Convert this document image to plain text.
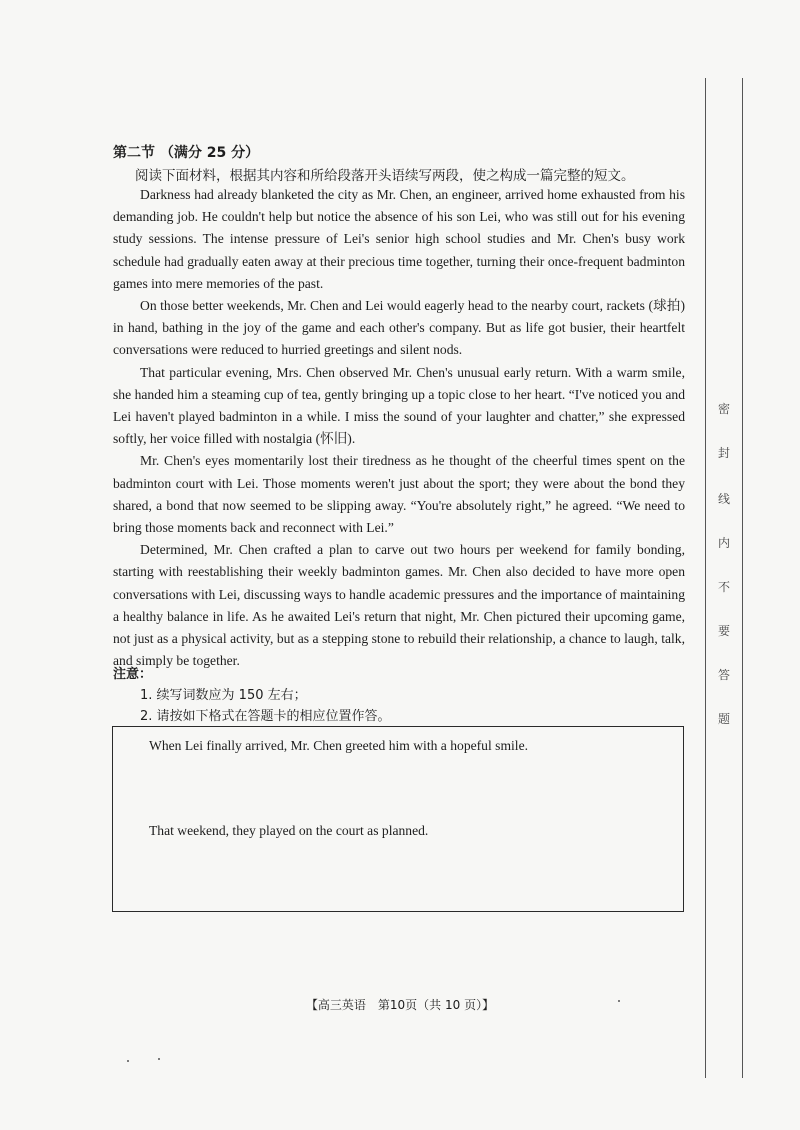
密
封
线
内
不
要
答
题
第二节 （满分 25 分）
阅读下面材料，根据其内容和所给段落开头语续写两段，使之构成一篇完整的短文。

Darkness had already blanketed the city as Mr. Chen, an engineer, arrived home exhausted from his demanding job. He couldn't help but notice the absence of his son Lei, who was still out for his evening study sessions. The intense pressure of Lei's senior high school studies and Mr. Chen's busy work schedule had gradually eaten away at their precious time together, turning their once-frequent badminton games into mere memories of the past.

On those better weekends, Mr. Chen and Lei would eagerly head to the nearby court, rackets (球拍) in hand, bathing in the joy of the game and each other's company. But as life got busier, their heartfelt conversations were reduced to hurried greetings and silent nods.

That particular evening, Mrs. Chen observed Mr. Chen's unusual early return. With a warm smile, she handed him a steaming cup of tea, gently bringing up a topic close to her heart. “I've noticed you and Lei haven't played badminton in a while. I miss the sound of your laughter and chatter,” she expressed softly, her voice filled with nostalgia (怀旧).

Mr. Chen's eyes momentarily lost their tiredness as he thought of the cheerful times spent on the badminton court with Lei. Those moments weren't just about the sport; they were about the bond they shared, a bond that now seemed to be slipping away. “You're absolutely right,” he agreed. “We need to bring those moments back and reconnect with Lei.”

Determined, Mr. Chen crafted a plan to carve out two hours per weekend for family bonding, starting with reestablishing their weekly badminton games. Mr. Chen also decided to have more open conversations with Lei, discussing ways to handle academic pressures and the importance of maintaining a healthy balance in life. As he awaited Lei's return that night, Mr. Chen pictured their upcoming game, not just as a physical activity, but as a stepping stone to rebuild their relationship, a chance to laugh, talk, and simply be together.

注意：
1. 续写词数应为 150 左右；
2. 请按如下格式在答题卡的相应位置作答。
When Lei finally arrived, Mr. Chen greeted him with a hopeful smile.
That weekend, they played on the court as planned.
【高三英语　第10页（共 10 页）】
